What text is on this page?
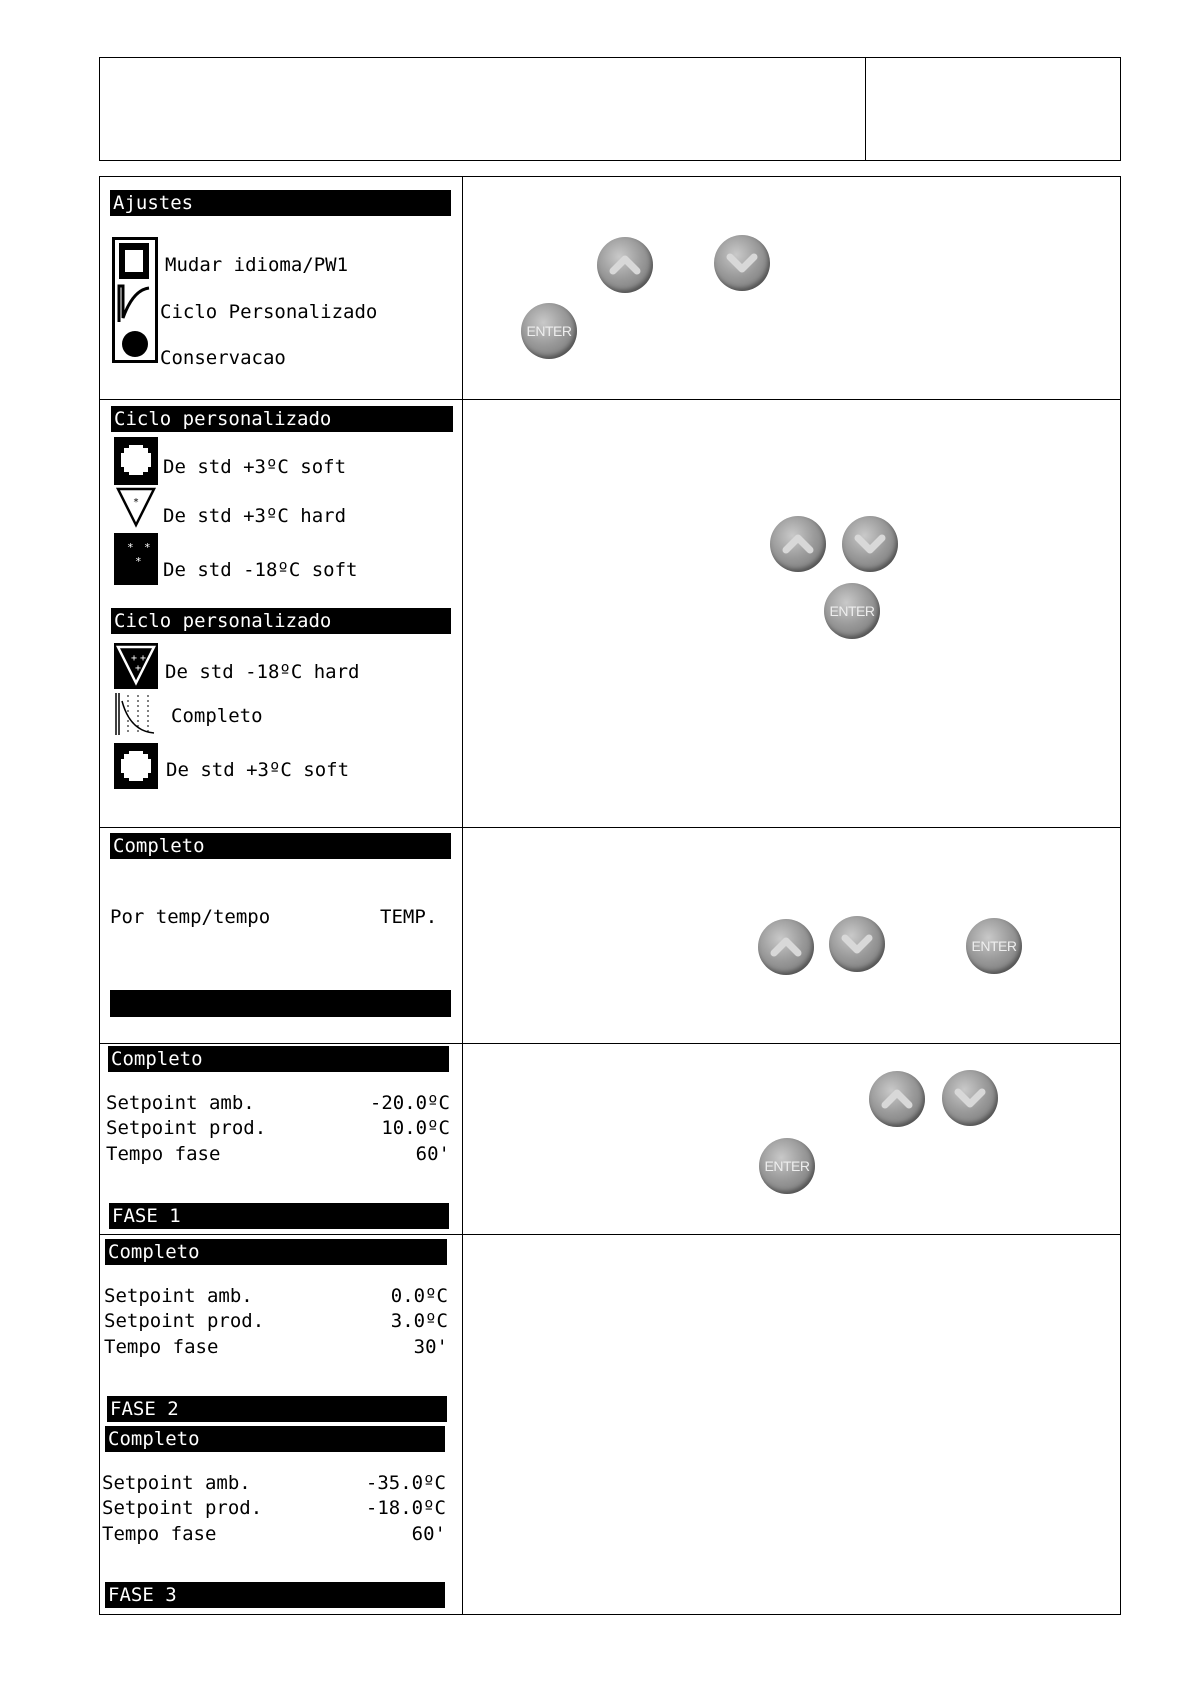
Ajustes
Mudar idioma/PW1
Ciclo Personalizado
Conservacao
ENTER
Ciclo personalizado
*
* *
*
De std +3ºC soft
De std +3ºC hard
De std -18ºC soft
Ciclo personalizado
+ +
+ De std -18ºC hard
Completo
De std +3ºC soft
ENTER
Completo
Por temp/tempo	TEMP.
ENTER
Completo
Setpoint amb.	-20.0ºC
Setpoint prod.	10.0ºC
Tempo fase	60'
FASE 1
ENTER
Completo
Setpoint amb.	0.0ºC
Setpoint prod.	3.0ºC
Tempo fase	30'
FASE 2
Completo
Setpoint amb.	-35.0ºC
Setpoint prod.	-18.0ºC
Tempo fase	60'
FASE 3
